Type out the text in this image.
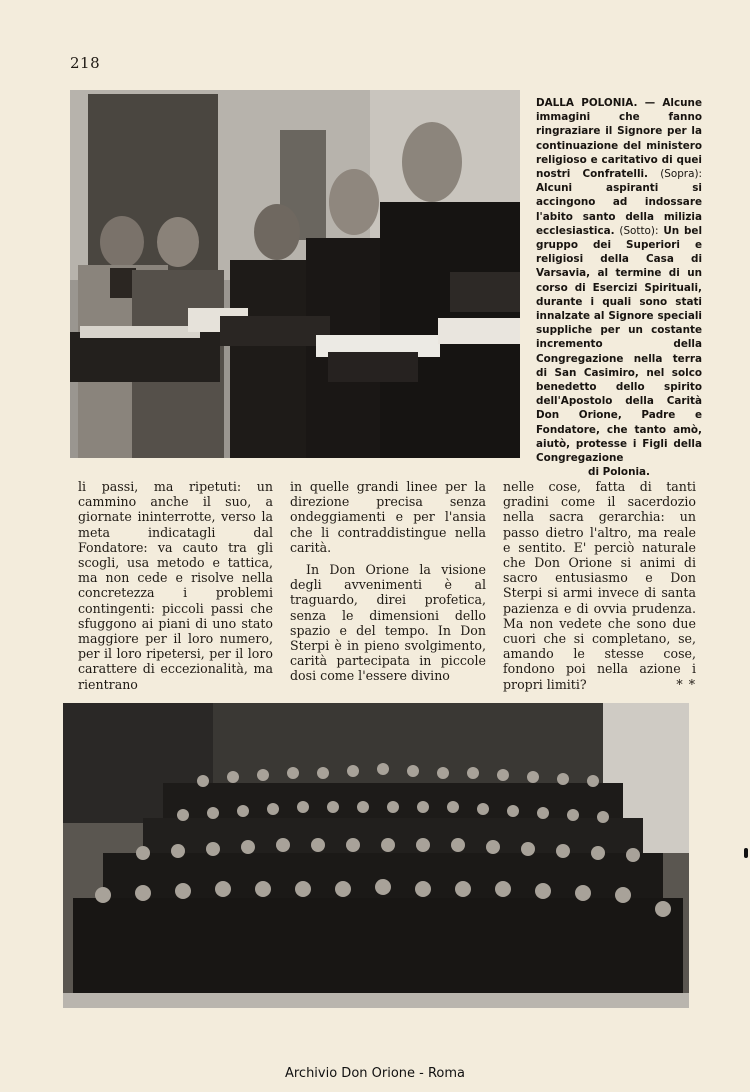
218
DALLA POLONIA. — Alcune immagini che fanno ringraziare il Signore per la continuazione del ministero religioso e caritativo di quei nostri Confratelli. (Sopra): Alcuni aspiranti si accingono ad indossare l'abito santo della milizia ecclesiastica. (Sotto): Un bel gruppo dei Superiori e religiosi della Casa di Varsavia, al termine di un corso di Esercizi Spirituali, durante i quali sono stati innalzate al Signore speciali suppliche per un costante incremento della Congregazione nella terra di San Casimiro, nel solco benedetto dello spirito dell'Apostolo della Carità Don Orione, Padre e Fondatore, che tanto amò, aiutò, protesse i Figli della Congregazione
di Polonia.

li passi, ma ripetuti: un cammino anche il suo, a giornate ininterrotte, verso la meta indicatagli dal Fondatore: va cauto tra gli scogli, usa metodo e tattica, ma non cede e risolve nella concretezza i problemi contingenti: piccoli passi che sfuggono ai piani di uno stato maggiore per il loro numero, per il loro ripetersi, per il loro carattere di eccezionalità, ma rientrano

in quelle grandi linee per la direzione precisa senza ondeggiamenti e per l'ansia che li contraddistingue nella carità.

In Don Orione la visione degli avvenimenti è al traguardo, direi profetica, senza le dimensioni dello spazio e del tempo. In Don Sterpi è in pieno svolgimento, carità partecipata in piccole dosi come l'essere divino

nelle cose, fatta di tanti gradini come il sacerdozio nella sacra gerarchia: un passo dietro l'altro, ma reale e sentito. E' perciò naturale che Don Orione si animi di sacro entusiasmo e Don Sterpi si armi invece di santa pazienza e di ovvia prudenza. Ma non vedete che sono due cuori che si completano, se, amando le stesse cose, fondono poi nella azione i propri limiti?	* *

Archivio Don Orione - Roma
